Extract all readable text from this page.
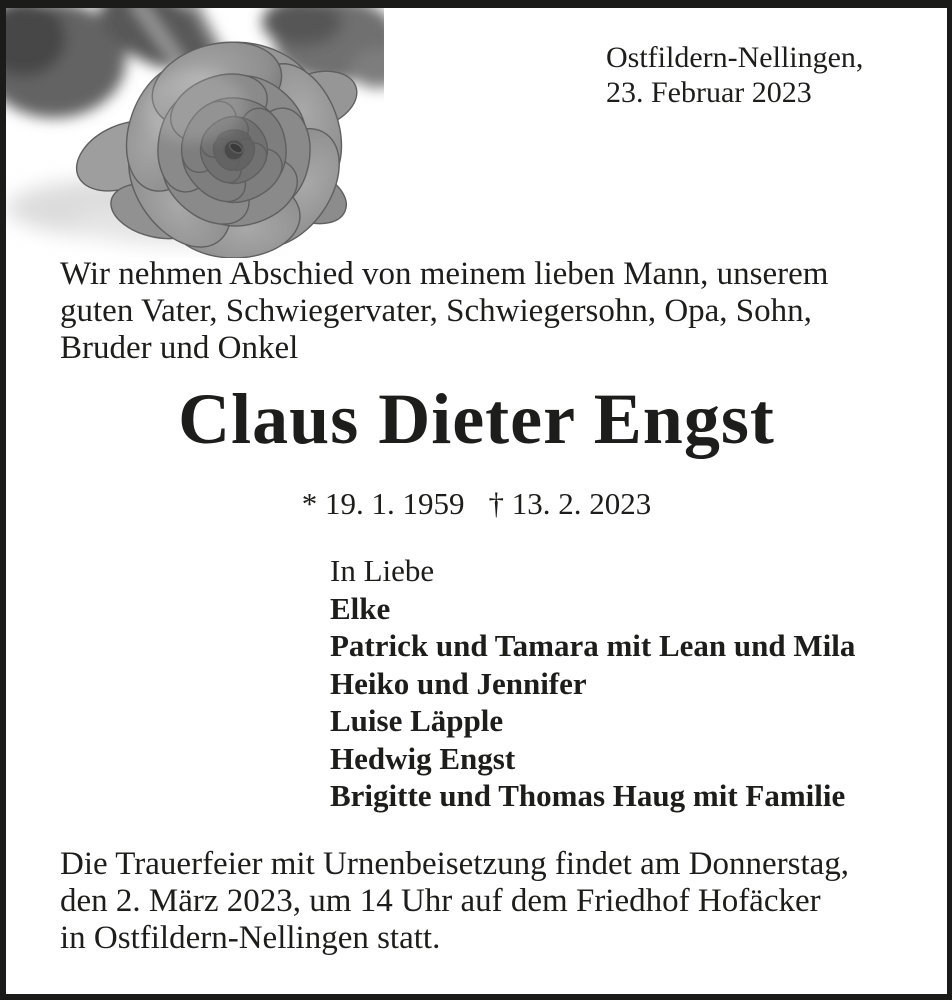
Ostfildern-Nellingen,
23. Februar 2023
Wir nehmen Abschied von meinem lieben Mann, unserem
guten Vater, Schwiegervater, Schwiegersohn, Opa, Sohn,
Bruder und Onkel
Claus Dieter Engst
* 19. 1. 1959 † 13. 2. 2023
In Liebe
Elke
Patrick und Tamara mit Lean und Mila
Heiko und Jennifer
Luise Läpple
Hedwig Engst
Brigitte und Thomas Haug mit Familie
Die Trauerfeier mit Urnenbeisetzung findet am Donnerstag,
den 2. März 2023, um 14 Uhr auf dem Friedhof Hofäcker
in Ostfildern-Nellingen statt.
